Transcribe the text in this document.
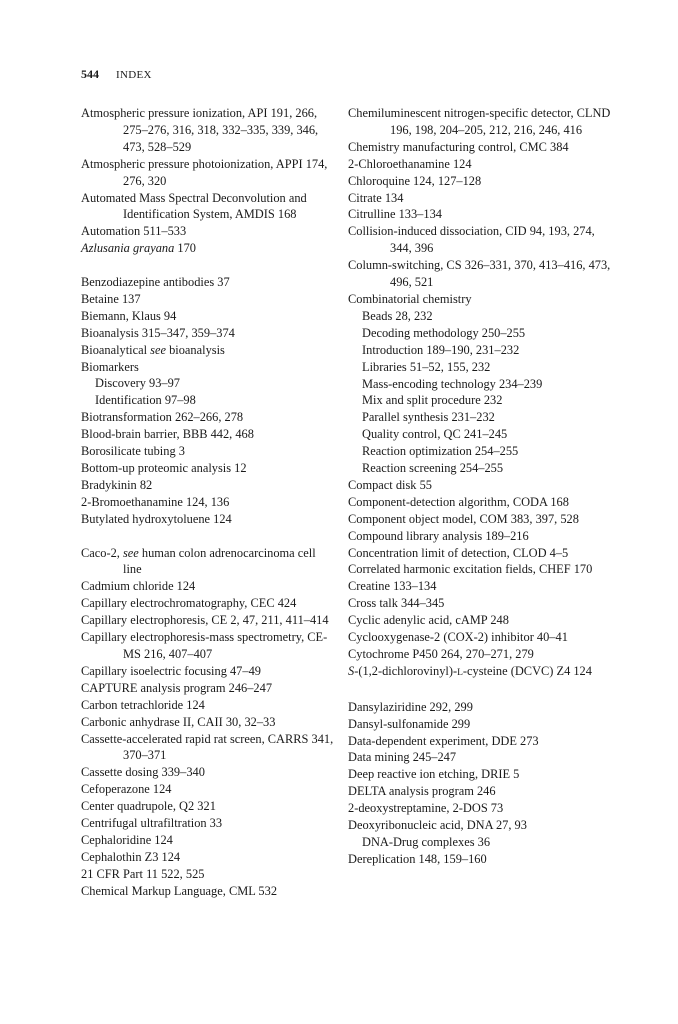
544 INDEX
Atmospheric pressure ionization, API 191, 266, 275–276, 316, 318, 332–335, 339, 346, 473, 528–529
Atmospheric pressure photoionization, APPI 174, 276, 320
Automated Mass Spectral Deconvolution and Identification System, AMDIS 168
Automation 511–533
Azlusania grayana 170
Benzodiazepine antibodies 37
Betaine 137
Biemann, Klaus 94
Bioanalysis 315–347, 359–374
Bioanalytical see bioanalysis
Biomarkers
Discovery 93–97
Identification 97–98
Biotransformation 262–266, 278
Blood-brain barrier, BBB 442, 468
Borosilicate tubing 3
Bottom-up proteomic analysis 12
Bradykinin 82
2-Bromoethanamine 124, 136
Butylated hydroxytoluene 124
Caco-2, see human colon adrenocarcinoma cell line
Cadmium chloride 124
Capillary electrochromatography, CEC 424
Capillary electrophoresis, CE 2, 47, 211, 411–414
Capillary electrophoresis-mass spectrometry, CE-MS 216, 407–407
Capillary isoelectric focusing 47–49
CAPTURE analysis program 246–247
Carbon tetrachloride 124
Carbonic anhydrase II, CAII 30, 32–33
Cassette-accelerated rapid rat screen, CARRS 341, 370–371
Cassette dosing 339–340
Cefoperazone 124
Center quadrupole, Q2 321
Centrifugal ultrafiltration 33
Cephaloridine 124
Cephalothin Z3 124
21 CFR Part 11 522, 525
Chemical Markup Language, CML 532
Chemiluminescent nitrogen-specific detector, CLND 196, 198, 204–205, 212, 216, 246, 416
Chemistry manufacturing control, CMC 384
2-Chloroethanamine 124
Chloroquine 124, 127–128
Citrate 134
Citrulline 133–134
Collision-induced dissociation, CID 94, 193, 274, 344, 396
Column-switching, CS 326–331, 370, 413–416, 473, 496, 521
Combinatorial chemistry
Beads 28, 232
Decoding methodology 250–255
Introduction 189–190, 231–232
Libraries 51–52, 155, 232
Mass-encoding technology 234–239
Mix and split procedure 232
Parallel synthesis 231–232
Quality control, QC 241–245
Reaction optimization 254–255
Reaction screening 254–255
Compact disk 55
Component-detection algorithm, CODA 168
Component object model, COM 383, 397, 528
Compound library analysis 189–216
Concentration limit of detection, CLOD 4–5
Correlated harmonic excitation fields, CHEF 170
Creatine 133–134
Cross talk 344–345
Cyclic adenylic acid, cAMP 248
Cyclooxygenase-2 (COX-2) inhibitor 40–41
Cytochrome P450 264, 270–271, 279
S-(1,2-dichlorovinyl)-L-cysteine (DCVC) Z4 124
Dansylaziridine 292, 299
Dansyl-sulfonamide 299
Data-dependent experiment, DDE 273
Data mining 245–247
Deep reactive ion etching, DRIE 5
DELTA analysis program 246
2-deoxystreptamine, 2-DOS 73
Deoxyribonucleic acid, DNA 27, 93
DNA-Drug complexes 36
Dereplication 148, 159–160
